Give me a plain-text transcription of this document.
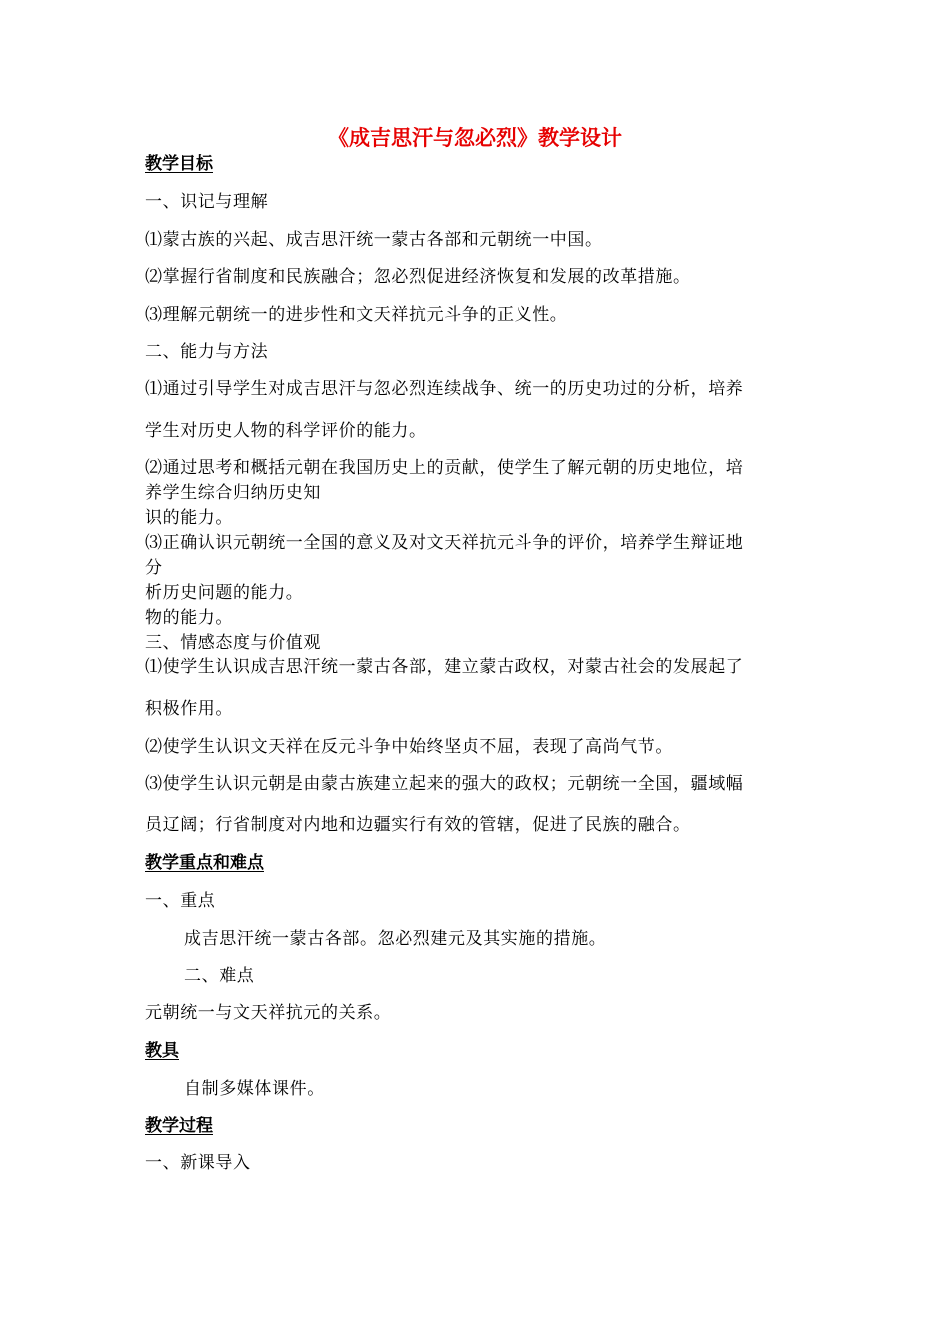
《成吉思汗与忽必烈》教学设计
教学目标
一、识记与理解
⑴蒙古族的兴起、成吉思汗统一蒙古各部和元朝统一中国。
⑵掌握行省制度和民族融合；忽必烈促进经济恢复和发展的改革措施。
⑶理解元朝统一的进步性和文天祥抗元斗争的正义性。
二、能力与方法
⑴通过引导学生对成吉思汗与忽必烈连续战争、统一的历史功过的分析，培养
学生对历史人物的科学评价的能力。
⑵通过思考和概括元朝在我国历史上的贡献，使学生了解元朝的历史地位，培
养学生综合归纳历史知
识的能力。
⑶正确认识元朝统一全国的意义及对文天祥抗元斗争的评价，培养学生辩证地
分
析历史问题的能力。
物的能力。
三、情感态度与价值观
⑴使学生认识成吉思汗统一蒙古各部，建立蒙古政权，对蒙古社会的发展起了
积极作用。
⑵使学生认识文天祥在反元斗争中始终坚贞不屈，表现了高尚气节。
⑶使学生认识元朝是由蒙古族建立起来的强大的政权；元朝统一全国，疆域幅
员辽阔；行省制度对内地和边疆实行有效的管辖，促进了民族的融合。
教学重点和难点
一、重点
成吉思汗统一蒙古各部。忽必烈建元及其实施的措施。
二、难点
元朝统一与文天祥抗元的关系。
教具
自制多媒体课件。
教学过程
一、新课导入
